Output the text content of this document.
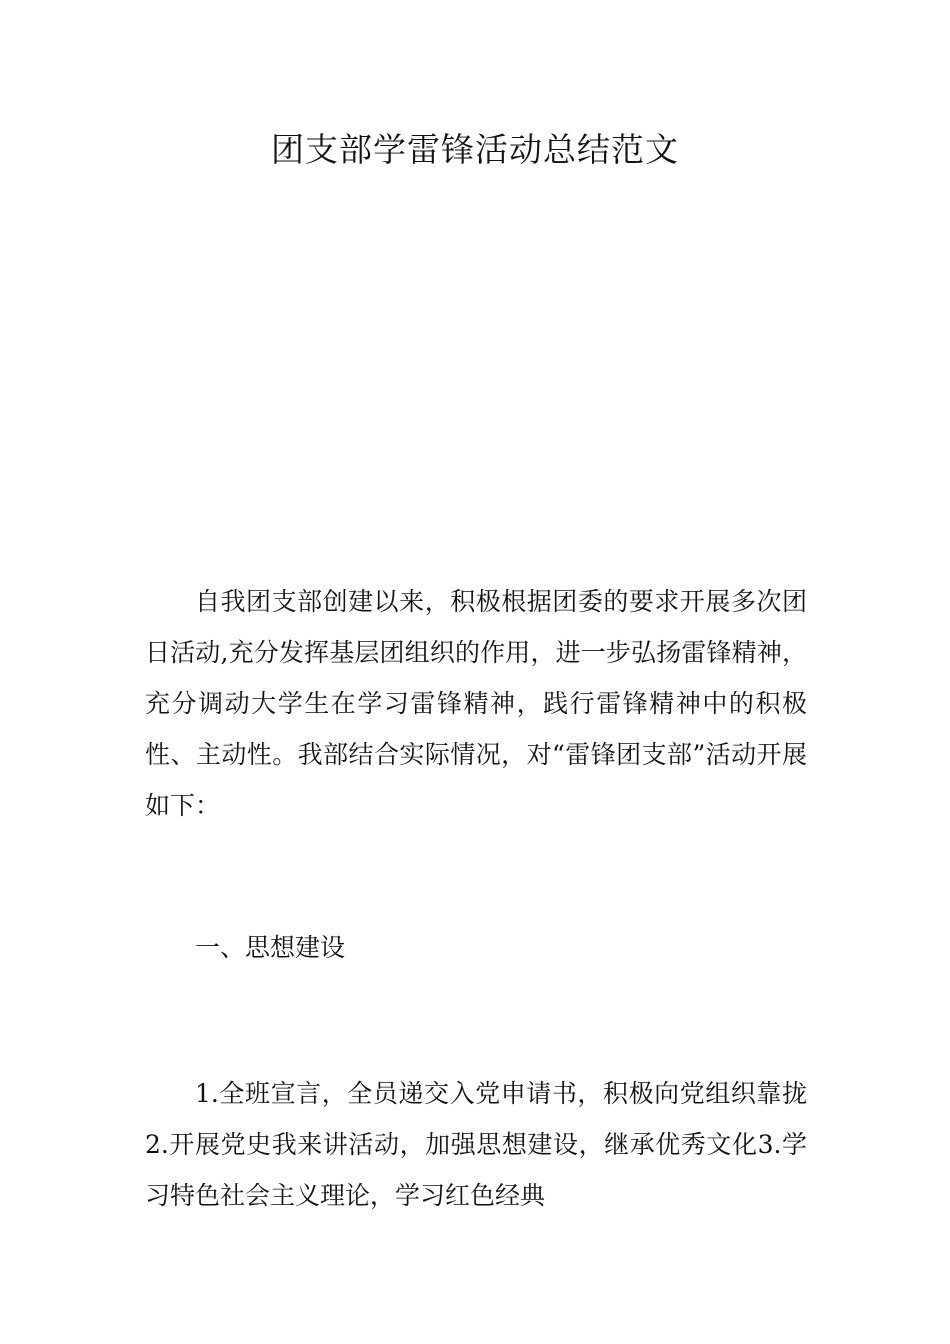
团支部学雷锋活动总结范文

自我团支部创建以来，积极根据团委的要求开展多次团日活动,充分发挥基层团组织的作用，进一步弘扬雷锋精神，充分调动大学生在学习雷锋精神，践行雷锋精神中的积极性、主动性。我部结合实际情况，对“雷锋团支部”活动开展如下：

一、思想建设

1.全班宣言，全员递交入党申请书，积极向党组织靠拢2.开展党史我来讲活动，加强思想建设，继承优秀文化3.学习特色社会主义理论，学习红色经典
